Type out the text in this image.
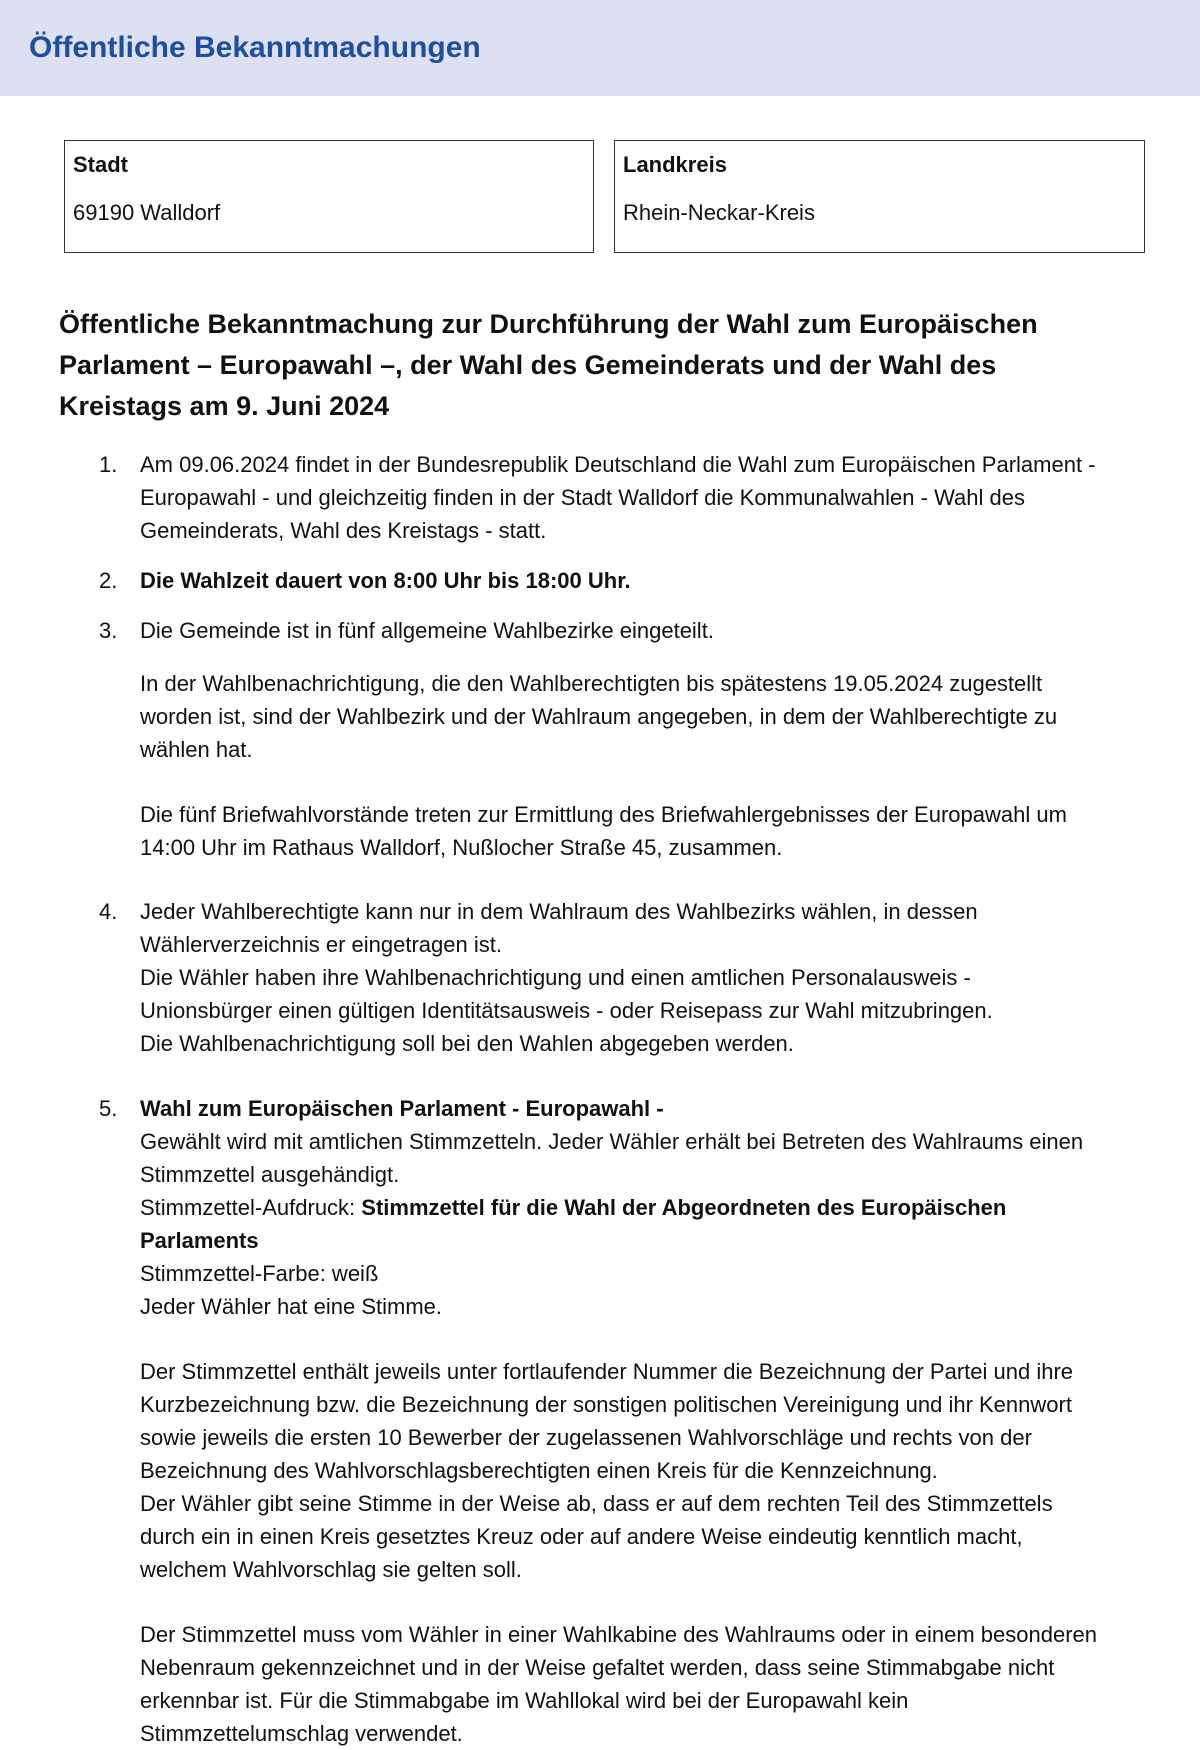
Öffentliche Bekanntmachungen

Stadt

69190 Walldorf

Landkreis

Rhein-Neckar-Kreis

Öffentliche Bekanntmachung zur Durchführung der Wahl zum Europäischen Parlament – Europawahl –, der Wahl des Gemeinderats und der Wahl des Kreistags am 9. Juni 2024
1. Am 09.06.2024 findet in der Bundesrepublik Deutschland die Wahl zum Europäischen Parlament - Europawahl - und gleichzeitig finden in der Stadt Walldorf die Kommunalwahlen - Wahl des Gemeinderats, Wahl des Kreistags - statt.

2. Die Wahlzeit dauert von 8:00 Uhr bis 18:00 Uhr.

3. Die Gemeinde ist in fünf allgemeine Wahlbezirke eingeteilt.

In der Wahlbenachrichtigung, die den Wahlberechtigten bis spätestens 19.05.2024 zugestellt worden ist, sind der Wahlbezirk und der Wahlraum angegeben, in dem der Wahlberechtigte zu wählen hat.

Die fünf Briefwahlvorstände treten zur Ermittlung des Briefwahlergebnisses der Europawahl um 14:00 Uhr im Rathaus Walldorf, Nußlocher Straße 45, zusammen.

4. Jeder Wahlberechtigte kann nur in dem Wahlraum des Wahlbezirks wählen, in dessen Wählerverzeichnis er eingetragen ist.

Die Wähler haben ihre Wahlbenachrichtigung und einen amtlichen Personalausweis - Unionsbürger einen gültigen Identitätsausweis - oder Reisepass zur Wahl mitzubringen.

Die Wahlbenachrichtigung soll bei den Wahlen abgegeben werden.

5. Wahl zum Europäischen Parlament - Europawahl -

Gewählt wird mit amtlichen Stimmzetteln. Jeder Wähler erhält bei Betreten des Wahlraums einen Stimmzettel ausgehändigt.

Stimmzettel-Aufdruck: Stimmzettel für die Wahl der Abgeordneten des Europäischen Parlaments

Stimmzettel-Farbe: weiß

Jeder Wähler hat eine Stimme.

Der Stimmzettel enthält jeweils unter fortlaufender Nummer die Bezeichnung der Partei und ihre Kurzbezeichnung bzw. die Bezeichnung der sonstigen politischen Vereinigung und ihr Kennwort sowie jeweils die ersten 10 Bewerber der zugelassenen Wahlvorschläge und rechts von der Bezeichnung des Wahlvorschlagsberechtigten einen Kreis für die Kennzeichnung.

Der Wähler gibt seine Stimme in der Weise ab, dass er auf dem rechten Teil des Stimmzettels durch ein in einen Kreis gesetztes Kreuz oder auf andere Weise eindeutig kenntlich macht, welchem Wahlvorschlag sie gelten soll.

Der Stimmzettel muss vom Wähler in einer Wahlkabine des Wahlraums oder in einem besonderen Nebenraum gekennzeichnet und in der Weise gefaltet werden, dass seine Stimmabgabe nicht erkennbar ist. Für die Stimmabgabe im Wahllokal wird bei der Europawahl kein Stimmzettelumschlag verwendet.
